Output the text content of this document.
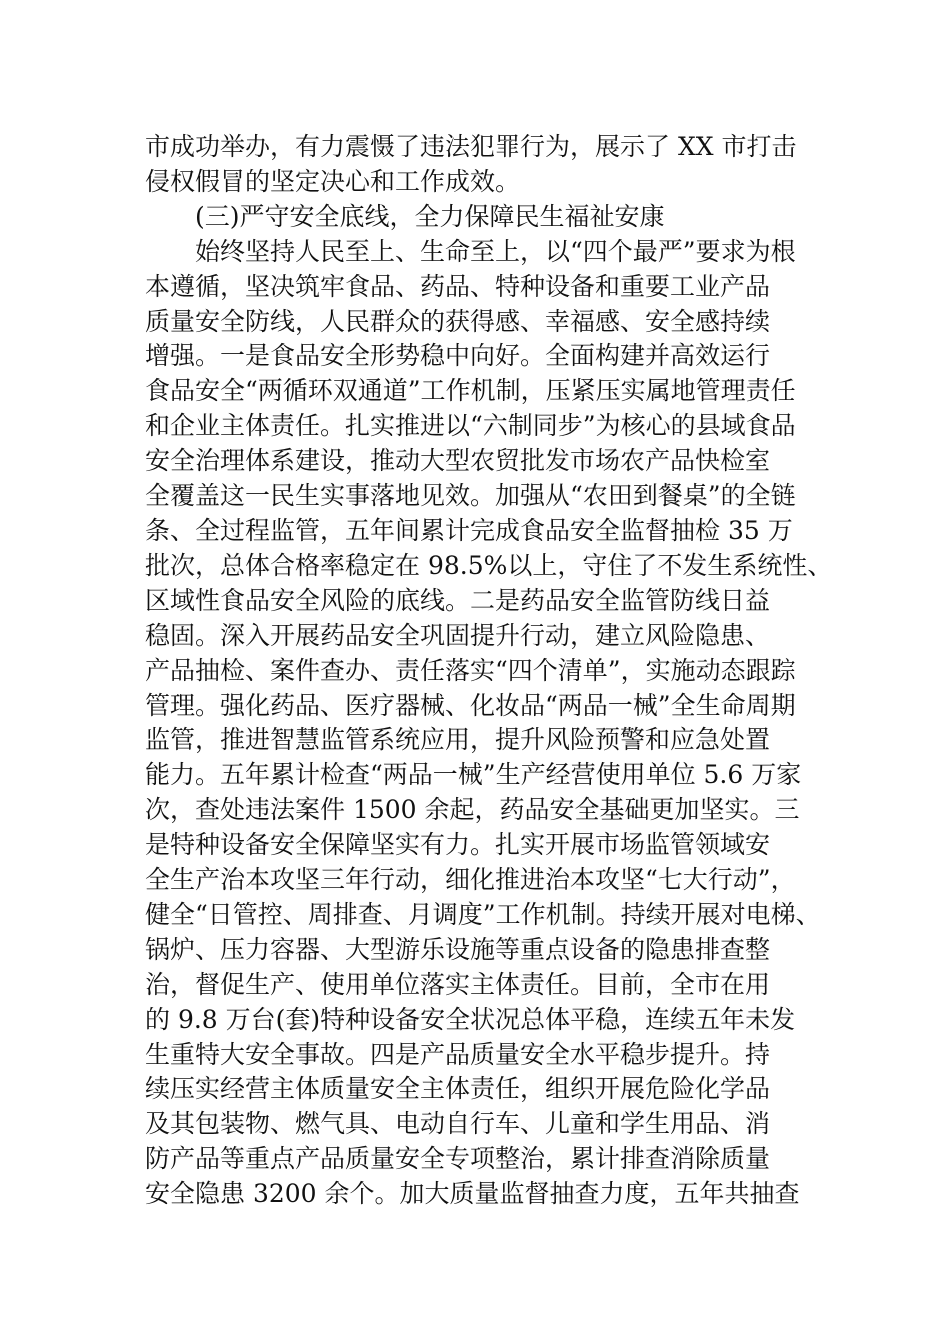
市成功举办，有力震慑了违法犯罪行为，展示了 XX 市打击
侵权假冒的坚定决心和工作成效。

(三)严守安全底线，全力保障民生福祉安康

始终坚持人民至上、生命至上，以“四个最严”要求为根
本遵循，坚决筑牢食品、药品、特种设备和重要工业产品
质量安全防线，人民群众的获得感、幸福感、安全感持续
增强。一是食品安全形势稳中向好。全面构建并高效运行
食品安全“两循环双通道”工作机制，压紧压实属地管理责任
和企业主体责任。扎实推进以“六制同步”为核心的县域食品
安全治理体系建设，推动大型农贸批发市场农产品快检室
全覆盖这一民生实事落地见效。加强从“农田到餐桌”的全链
条、全过程监管，五年间累计完成食品安全监督抽检 35 万
批次，总体合格率稳定在 98.5%以上，守住了不发生系统性、
区域性食品安全风险的底线。二是药品安全监管防线日益
稳固。深入开展药品安全巩固提升行动，建立风险隐患、
产品抽检、案件查办、责任落实“四个清单”，实施动态跟踪
管理。强化药品、医疗器械、化妆品“两品一械”全生命周期
监管，推进智慧监管系统应用，提升风险预警和应急处置
能力。五年累计检查“两品一械”生产经营使用单位 5.6 万家
次，查处违法案件 1500 余起，药品安全基础更加坚实。三
是特种设备安全保障坚实有力。扎实开展市场监管领域安
全生产治本攻坚三年行动，细化推进治本攻坚“七大行动”，
健全“日管控、周排查、月调度”工作机制。持续开展对电梯、
锅炉、压力容器、大型游乐设施等重点设备的隐患排查整
治，督促生产、使用单位落实主体责任。目前，全市在用
的 9.8 万台(套)特种设备安全状况总体平稳，连续五年未发
生重特大安全事故。四是产品质量安全水平稳步提升。持
续压实经营主体质量安全主体责任，组织开展危险化学品
及其包装物、燃气具、电动自行车、儿童和学生用品、消
防产品等重点产品质量安全专项整治，累计排查消除质量
安全隐患 3200 余个。加大质量监督抽查力度，五年共抽查
